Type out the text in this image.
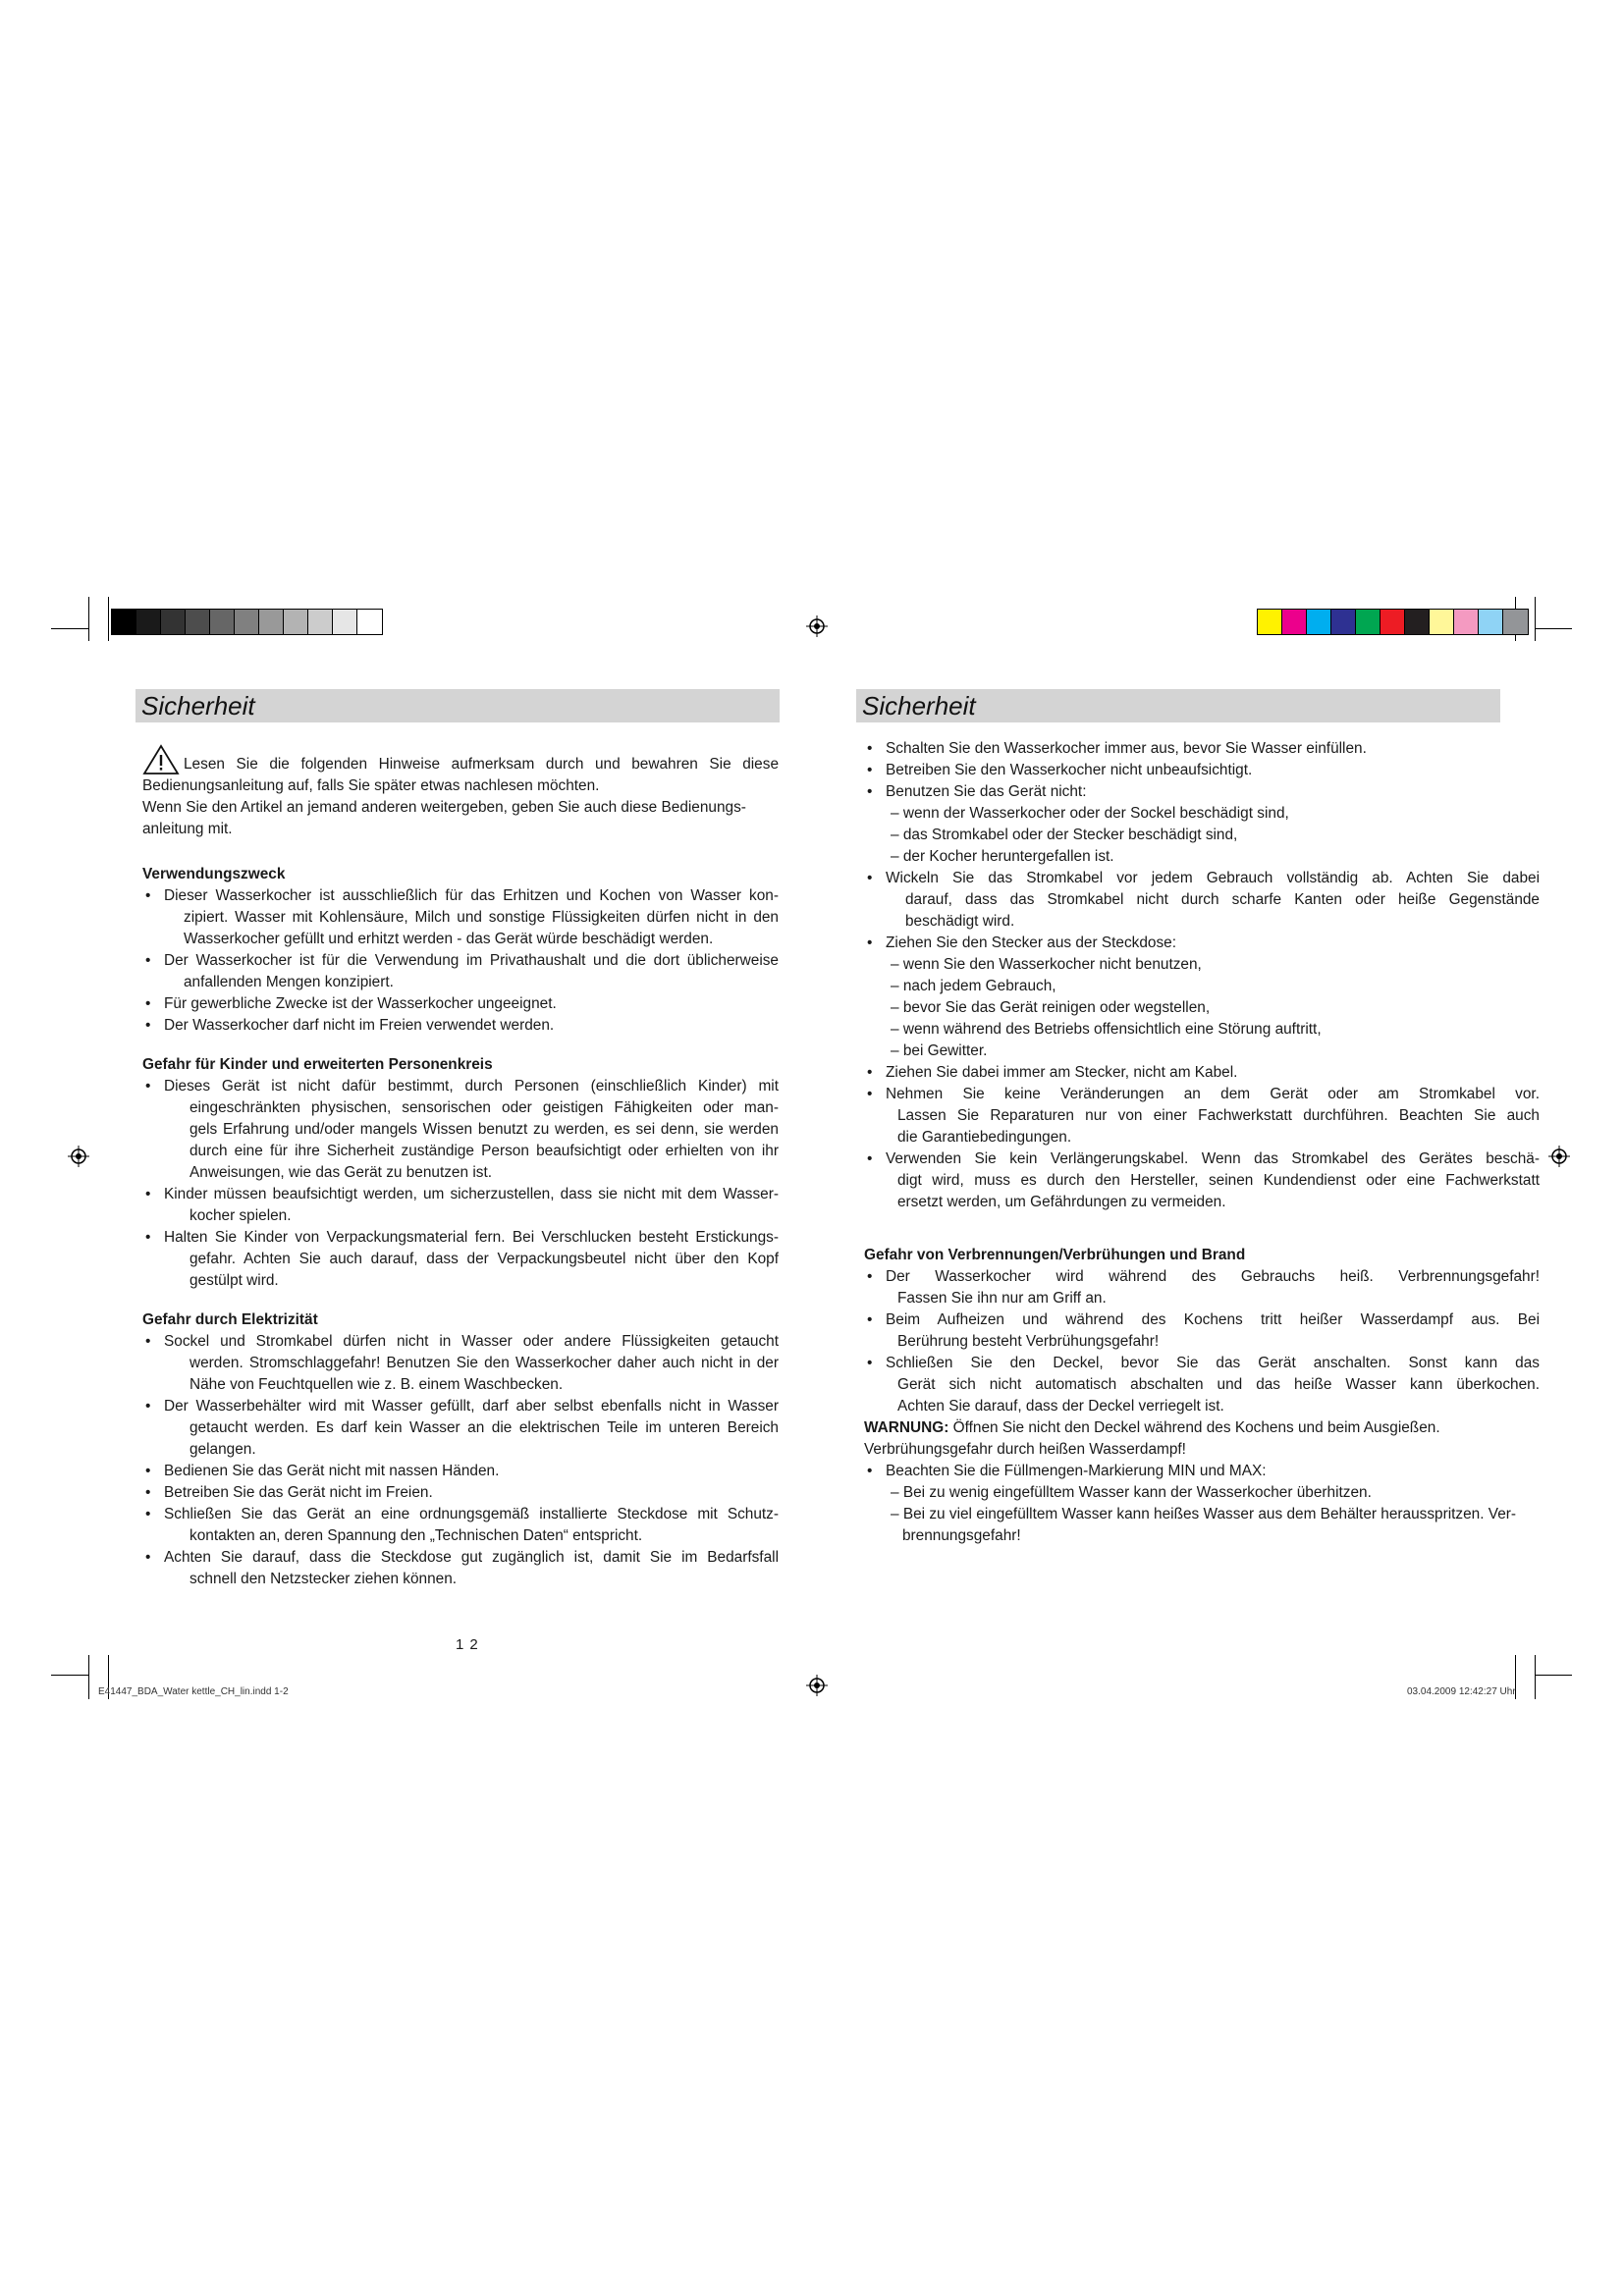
Sicherheit

Lesen Sie die folgenden Hinweise aufmerksam durch und bewahren Sie diese

Bedienungsanleitung auf, falls Sie später etwas nachlesen möchten.

Wenn Sie den Artikel an jemand anderen weitergeben, geben Sie auch diese Bedienungs-

anleitung mit.

Verwendungszweck

• Dieser Wasserkocher ist ausschließlich für das Erhitzen und Kochen von Wasser kon-
zipiert. Wasser mit Kohlensäure, Milch und sonstige Flüssigkeiten dürfen nicht in den
Wasserkocher gefüllt und erhitzt werden - das Gerät würde beschädigt werden.
• Der Wasserkocher ist für die Verwendung im Privathaushalt und die dort üblicherweise
anfallenden Mengen konzipiert.
• Für gewerbliche Zwecke ist der Wasserkocher ungeeignet.
• Der Wasserkocher darf nicht im Freien verwendet werden.

Gefahr für Kinder und erweiterten Personenkreis

• Dieses Gerät ist nicht dafür bestimmt, durch Personen (einschließlich Kinder) mit
eingeschränkten physischen, sensorischen oder geistigen Fähigkeiten oder man-
gels Erfahrung und/oder mangels Wissen benutzt zu werden, es sei denn, sie werden
durch eine für ihre Sicherheit zuständige Person beaufsichtigt oder erhielten von ihr
Anweisungen, wie das Gerät zu benutzen ist.
• Kinder müssen beaufsichtigt werden, um sicherzustellen, dass sie nicht mit dem Wasser-
kocher spielen.
• Halten Sie Kinder von Verpackungsmaterial fern. Bei Verschlucken besteht Erstickungs-
gefahr. Achten Sie auch darauf, dass der Verpackungsbeutel nicht über den Kopf
gestülpt wird.

Gefahr durch Elektrizität

• Sockel und Stromkabel dürfen nicht in Wasser oder andere Flüssigkeiten getaucht
werden. Stromschlaggefahr! Benutzen Sie den Wasserkocher daher auch nicht in der
Nähe von Feuchtquellen wie z. B. einem Waschbecken.
• Der Wasserbehälter wird mit Wasser gefüllt, darf aber selbst ebenfalls nicht in Wasser
getaucht werden. Es darf kein Wasser an die elektrischen Teile im unteren Bereich
gelangen.
• Bedienen Sie das Gerät nicht mit nassen Händen.
• Betreiben Sie das Gerät nicht im Freien.
• Schließen Sie das Gerät an eine ordnungsgemäß installierte Steckdose mit Schutz-
kontakten an, deren Spannung den „Technischen Daten“ entspricht.
• Achten Sie darauf, dass die Steckdose gut zugänglich ist, damit Sie im Bedarfsfall
schnell den Netzstecker ziehen können.
12
Sicherheit
• Schalten Sie den Wasserkocher immer aus, bevor Sie Wasser einfüllen.
• Betreiben Sie den Wasserkocher nicht unbeaufsichtigt.
• Benutzen Sie das Gerät nicht:
– wenn der Wasserkocher oder der Sockel beschädigt sind,
– das Stromkabel oder der Stecker beschädigt sind,
– der Kocher heruntergefallen ist.
• Wickeln Sie das Stromkabel vor jedem Gebrauch vollständig ab. Achten Sie dabei
darauf, dass das Stromkabel nicht durch scharfe Kanten oder heiße Gegenstände
beschädigt wird.
• Ziehen Sie den Stecker aus der Steckdose:
– wenn Sie den Wasserkocher nicht benutzen,
– nach jedem Gebrauch,
– bevor Sie das Gerät reinigen oder wegstellen,
– wenn während des Betriebs offensichtlich eine Störung auftritt,
– bei Gewitter.
• Ziehen Sie dabei immer am Stecker, nicht am Kabel.
• Nehmen Sie keine Veränderungen an dem Gerät oder am Stromkabel vor.
Lassen Sie Reparaturen nur von einer Fachwerkstatt durchführen. Beachten Sie auch
die Garantiebedingungen.
• Verwenden Sie kein Verlängerungskabel. Wenn das Stromkabel des Gerätes beschä-
digt wird, muss es durch den Hersteller, seinen Kundendienst oder eine Fachwerkstatt
ersetzt werden, um Gefährdungen zu vermeiden.

Gefahr von Verbrennungen/Verbrühungen und Brand

• Der Wasserkocher wird während des Gebrauchs heiß. Verbrennungsgefahr!
Fassen Sie ihn nur am Griff an.
• Beim Aufheizen und während des Kochens tritt heißer Wasserdampf aus. Bei
Berührung besteht Verbrühungsgefahr!
• Schließen Sie den Deckel, bevor Sie das Gerät anschalten. Sonst kann das
Gerät sich nicht automatisch abschalten und das heiße Wasser kann überkochen.
Achten Sie darauf, dass der Deckel verriegelt ist.

WARNUNG: Öffnen Sie nicht den Deckel während des Kochens und beim Ausgießen.

Verbrühungsgefahr durch heißen Wasserdampf!

• Beachten Sie die Füllmengen-Markierung MIN und MAX:
– Bei zu wenig eingefülltem Wasser kann der Wasserkocher überhitzen.
– Bei zu viel eingefülltem Wasser kann heißes Wasser aus dem Behälter herausspritzen. Ver-
brennungsgefahr!
E41447_BDA_Water kettle_CH_lin.indd 1-2	03.04.2009 12:42:27 Uhr
